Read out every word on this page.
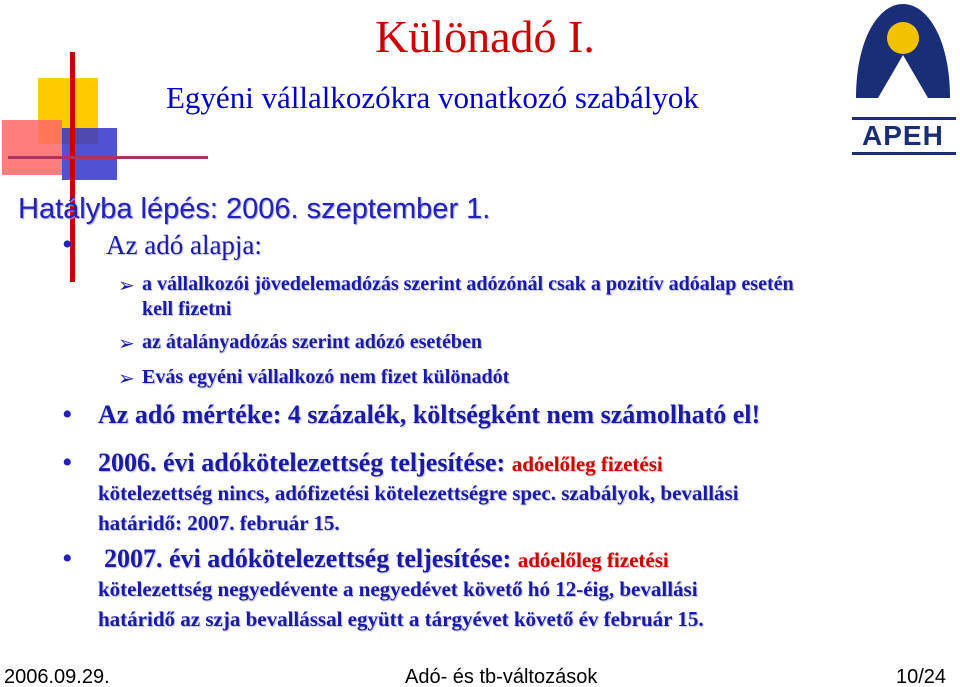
Különadó I.
Egyéni vállalkozókra vonatkozó szabályok
APEH
Hatályba lépés: 2006. szeptember 1.
• Az adó alapja:
➢ a vállalkozói jövedelemadózás szerint adózónál csak a pozitív adóalap esetén
kell fizetni
➢ az átalányadózás szerint adózó esetében
➢ Evás egyéni vállalkozó nem fizet különadót
• Az adó mértéke: 4 százalék, költségként nem számolható el!
• 2006. évi adókötelezettség teljesítése: adóelőleg fizetési
kötelezettség nincs, adófizetési kötelezettségre spec. szabályok, bevallási
határidő: 2007. február 15.
• 2007. évi adókötelezettség teljesítése: adóelőleg fizetési
kötelezettség negyedévente a negyedévet követő hó 12-éig, bevallási
határidő az szja bevallással együtt a tárgyévet követő év február 15.
2006.09.29.	Adó- és tb-változások	10/24
